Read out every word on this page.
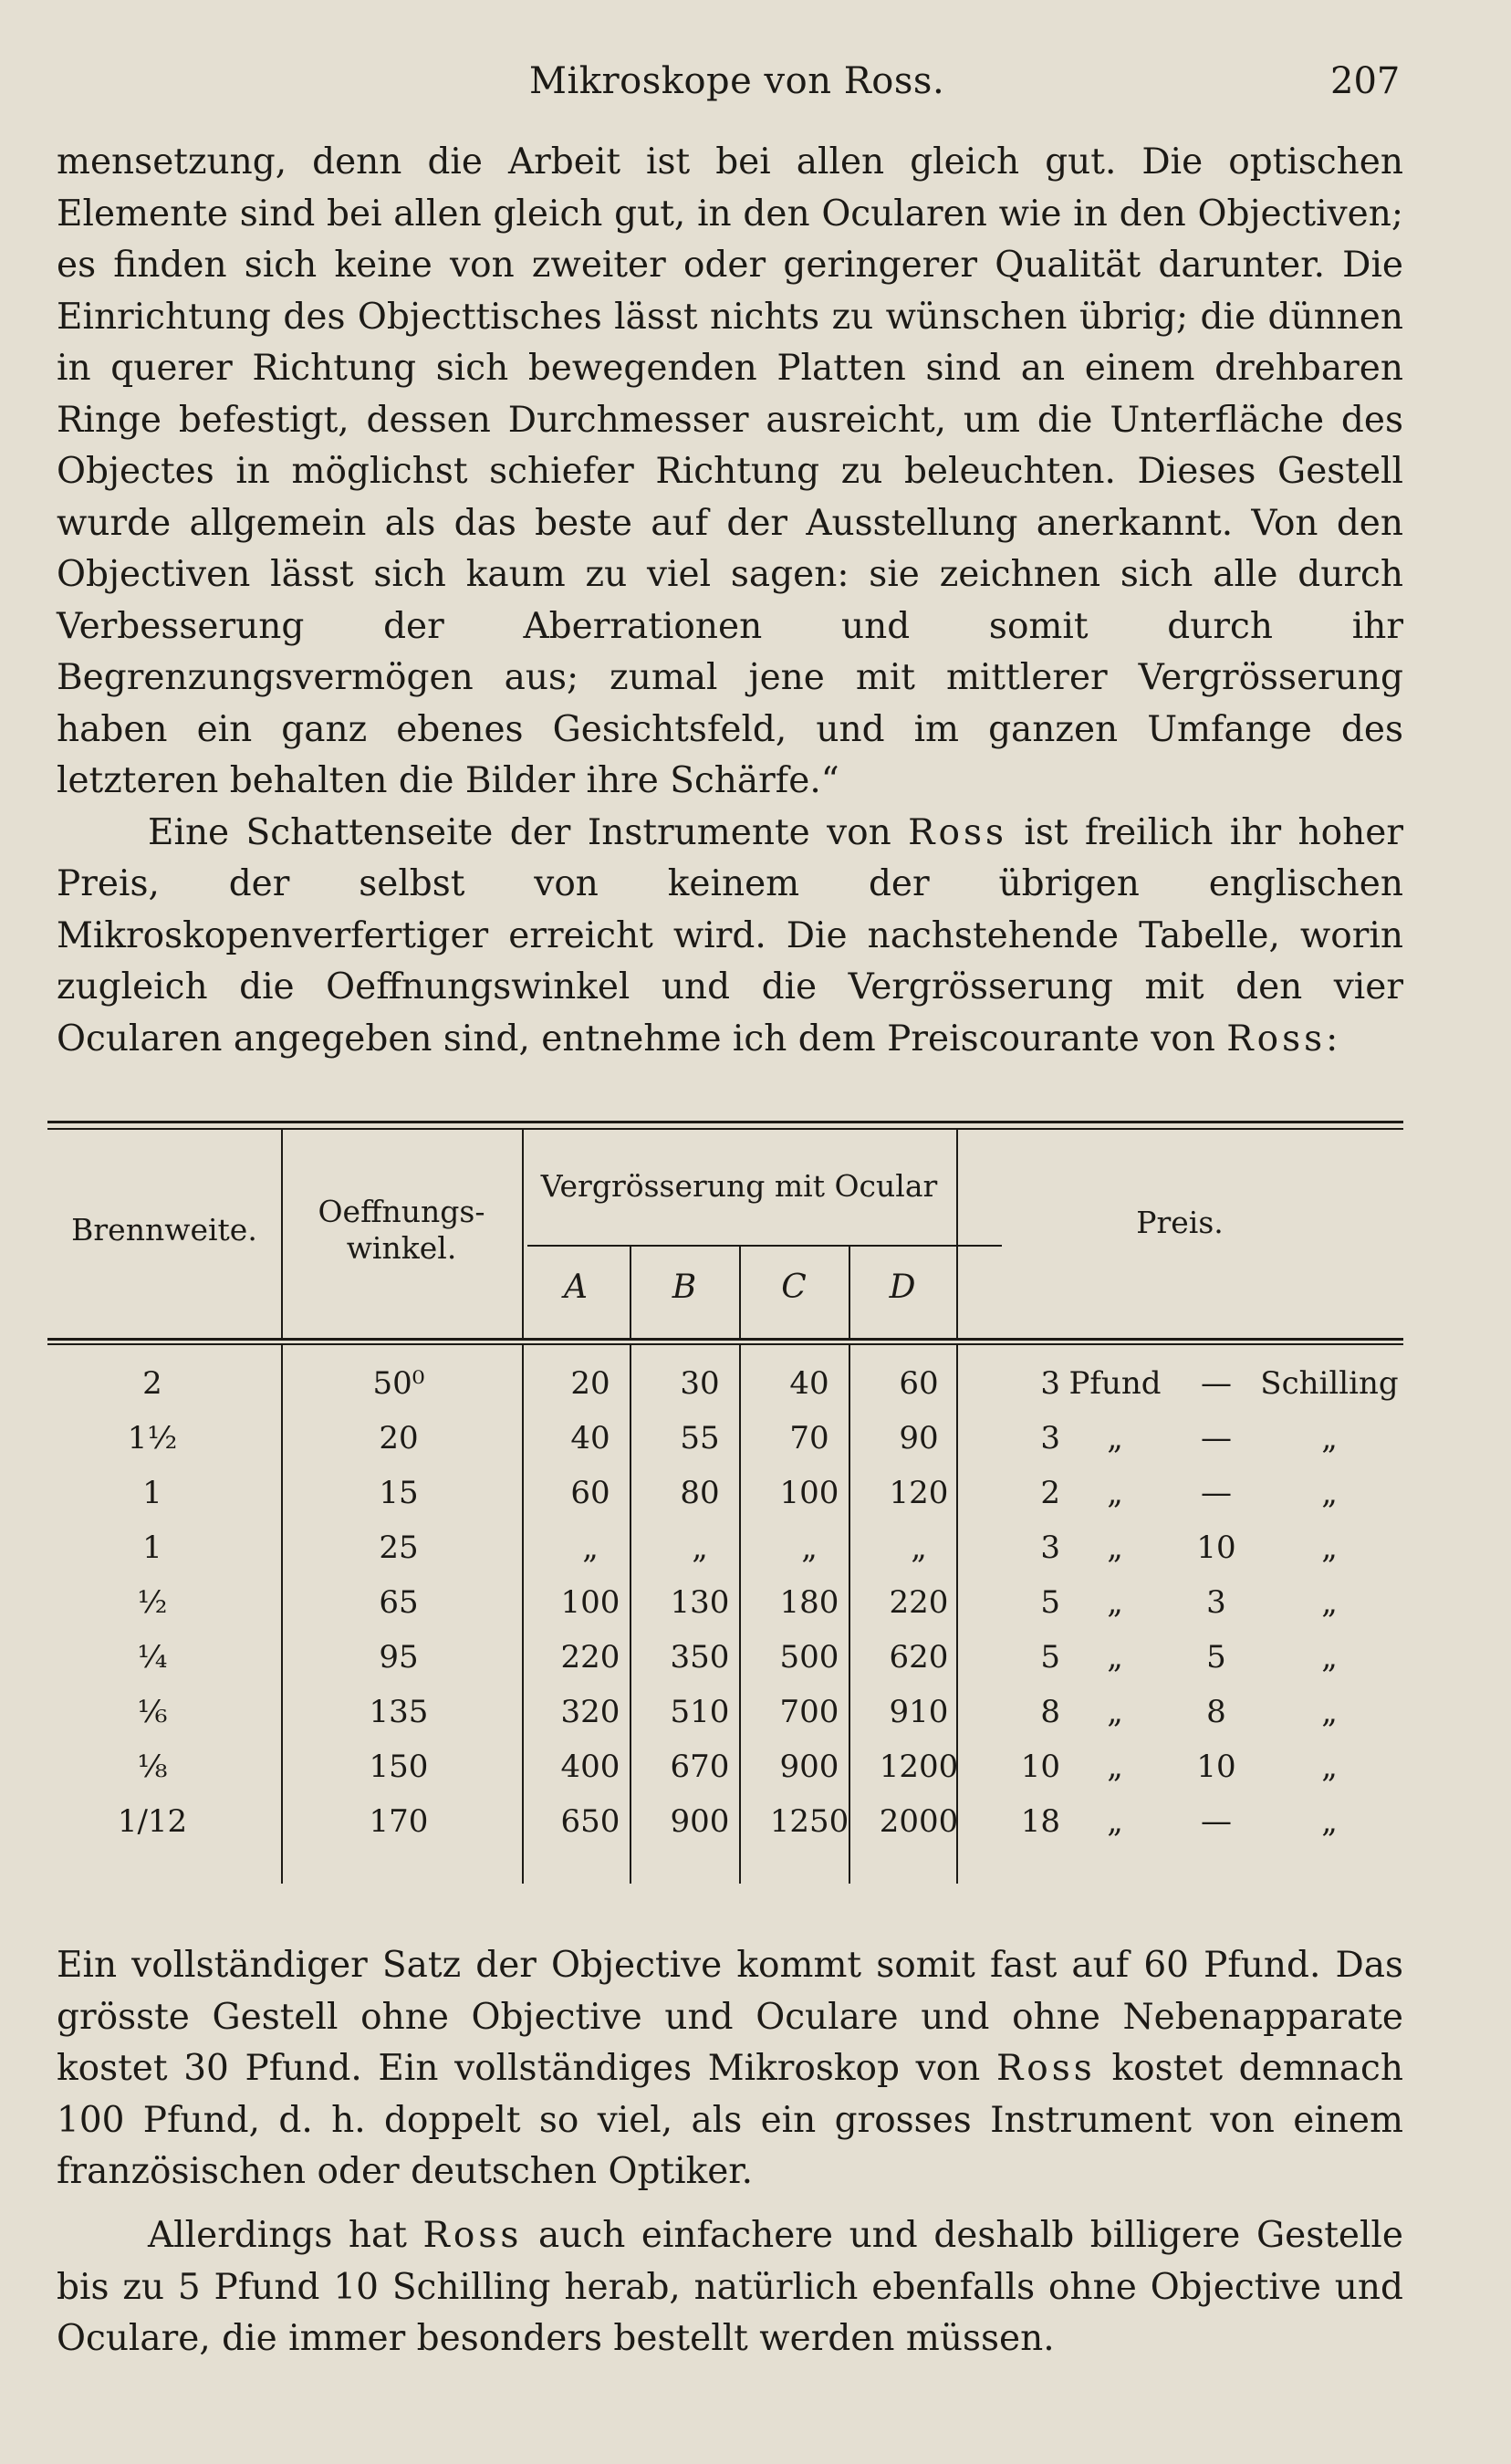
Mikroskope von Ross.	207

mensetzung, denn die Arbeit ist bei allen gleich gut. Die optischen Elemente sind bei allen gleich gut, in den Ocularen wie in den Objectiven; es finden sich keine von zweiter oder geringerer Qualität darunter. Die Einrichtung des Objecttisches lässt nichts zu wünschen übrig; die dünnen in querer Richtung sich bewegenden Platten sind an einem drehbaren Ringe befestigt, dessen Durchmesser ausreicht, um die Unterfläche des Objectes in möglichst schiefer Richtung zu beleuchten. Dieses Gestell wurde allgemein als das beste auf der Ausstellung anerkannt. Von den Objectiven lässt sich kaum zu viel sagen: sie zeichnen sich alle durch Verbesserung der Aberrationen und somit durch ihr Begrenzungsvermögen aus; zumal jene mit mittlerer Vergrösserung haben ein ganz ebenes Gesichtsfeld, und im ganzen Umfange des letzteren behalten die Bilder ihre Schärfe.“

Eine Schattenseite der Instrumente von Ross ist freilich ihr hoher Preis, der selbst von keinem der übrigen englischen Mikroskopenverfertiger erreicht wird. Die nachstehende Tabelle, worin zugleich die Oeffnungswinkel und die Vergrösserung mit den vier Ocularen angegeben sind, entnehme ich dem Preiscourante von Ross:

Brennweite.
Oeffnungs-
winkel.
Vergrösserung mit Ocular
A	B	C	D
Preis.
2	50⁰	20	30	40	60	3 Pfund	— Schilling
1½	20	40	55	70	90	3	„	—	„
1	15	60	80	100	120	2	„	—	„
1	25	„	„	„	„	3	„	10	„
½	65	100	130	180	220	5	„	3	„
¼	95	220	350	500	620	5	„	5	„
⅙	135	320	510	700	910	8	„	8	„
⅛	150	400	670	900	1200	10	„	10	„
1/12	170	650	900	1250 2000	18	„	—	„

Ein vollständiger Satz der Objective kommt somit fast auf 60 Pfund. Das grösste Gestell ohne Objective und Oculare und ohne Nebenapparate kostet 30 Pfund. Ein vollständiges Mikroskop von Ross kostet demnach 100 Pfund, d. h. doppelt so viel, als ein grosses Instrument von einem französischen oder deutschen Optiker.

Allerdings hat Ross auch einfachere und deshalb billigere Gestelle bis zu 5 Pfund 10 Schilling herab, natürlich ebenfalls ohne Objective und Oculare, die immer besonders bestellt werden müssen.
